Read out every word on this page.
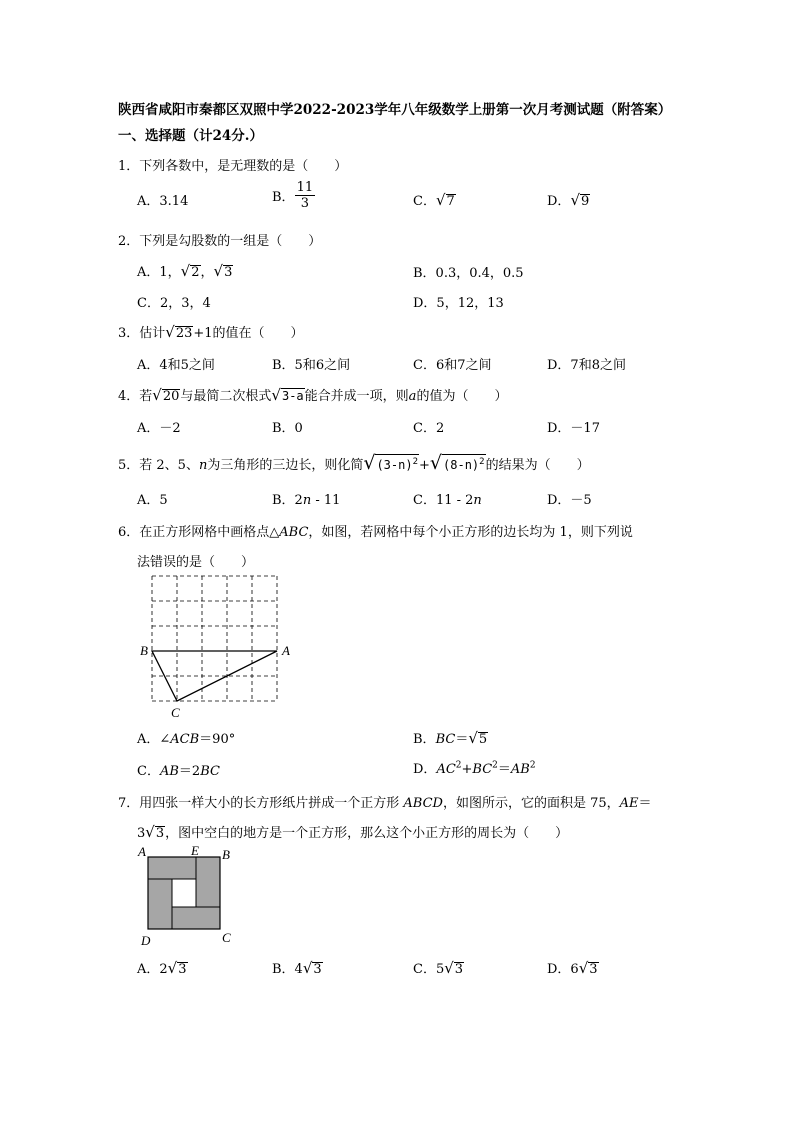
陕西省咸阳市秦都区双照中学2022-2023学年八年级数学上册第一次月考测试题（附答案）
一、选择题（计24分.）
1．下列各数中，是无理数的是（　　）
A．3.14	B． $\frac{11}{3}$	C．√7	D．√9
2．下列是勾股数的一组是（　　）
A．1，√2，√3	B．0.3，0.4，0.5
C．2，3，4	D．5，12，13
3．估计√23+1的值在（　　）
A．4和5之间	B．5和6之间	C．6和7之间	D．7和8之间
4．若√20与最简二次根式√3-a能合并成一项，则a的值为（　　）
A．－2	B．0	C．2	D．－17
5．若 2、5、n为三角形的三边长，则化简$√(3-n)^2+√(8-n)^2$的结果为（　　）
A．5	B．2n - 11	C．11 - 2n	D．－5
6．在正方形网格中画格点△ABC，如图，若网格中每个小正方形的边长均为 1，则下列说
法错误的是（　　）
B	A
C
A．∠ACB＝90°	B．BC＝√5
C．AB＝2BC	D．$AC^2+BC^2=AB^2$
7．用四张一样大小的长方形纸片拼成一个正方形 ABCD，如图所示，它的面积是 75，AE＝
3√3，图中空白的地方是一个正方形，那么这个小正方形的周长为（　　）
A	E B
D	C
A．2√3	B．4√3	C．5√3	D．6√3
